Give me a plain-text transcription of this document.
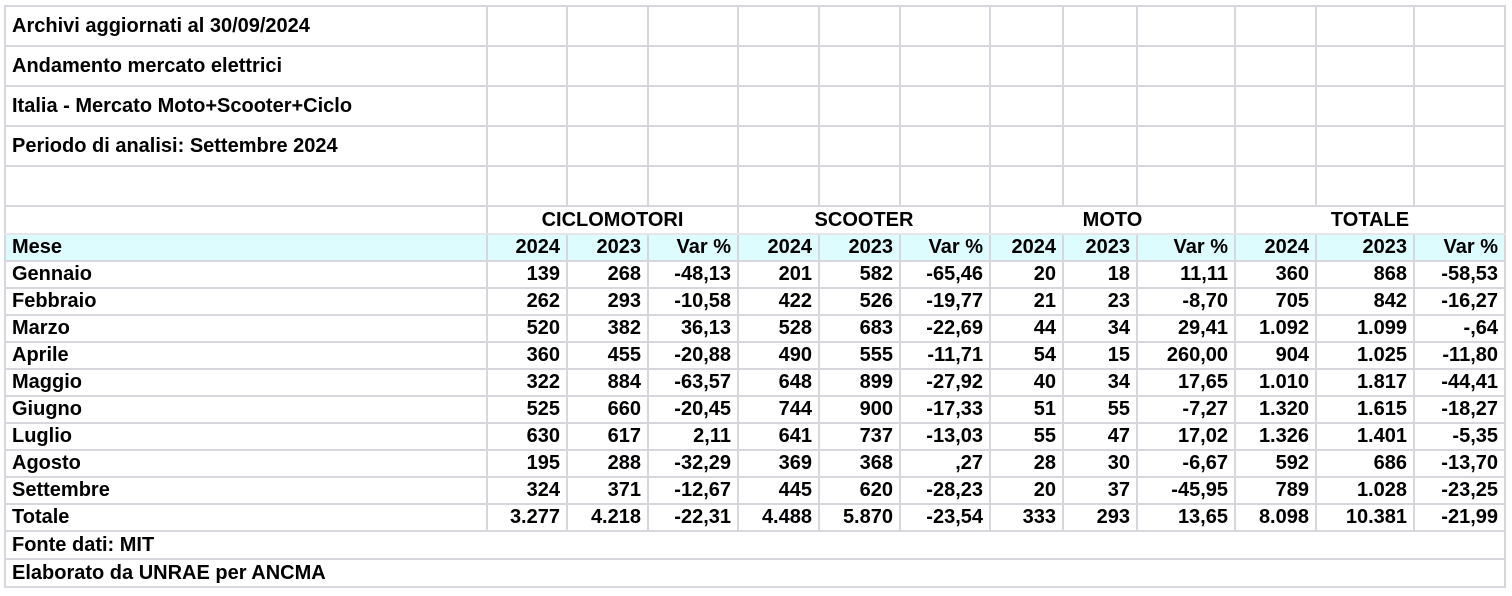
Archivi aggiornati al 30/09/2024												
Andamento mercato elettrici												
Italia - Mercato Moto+Scooter+Ciclo												
Periodo di analisi: Settembre 2024												

	CICLOMOTORI			SCOOTER			MOTO			TOTALE		
Mese	2024	2023	Var %	2024	2023	Var %	2024	2023	Var %	2024	2023	Var %
Gennaio	139	268	-48,13	201	582	-65,46	20	18	11,11	360	868	-58,53
Febbraio	262	293	-10,58	422	526	-19,77	21	23	-8,70	705	842	-16,27
Marzo	520	382	36,13	528	683	-22,69	44	34	29,41	1.092	1.099	-,64
Aprile	360	455	-20,88	490	555	-11,71	54	15	260,00	904	1.025	-11,80
Maggio	322	884	-63,57	648	899	-27,92	40	34	17,65	1.010	1.817	-44,41
Giugno	525	660	-20,45	744	900	-17,33	51	55	-7,27	1.320	1.615	-18,27
Luglio	630	617	2,11	641	737	-13,03	55	47	17,02	1.326	1.401	-5,35
Agosto	195	288	-32,29	369	368	,27	28	30	-6,67	592	686	-13,70
Settembre	324	371	-12,67	445	620	-28,23	20	37	-45,95	789	1.028	-23,25
Totale	3.277	4.218	-22,31	4.488	5.870	-23,54	333	293	13,65	8.098	10.381	-21,99
Fonte dati: MIT												
Elaborato da UNRAE per ANCMA												
